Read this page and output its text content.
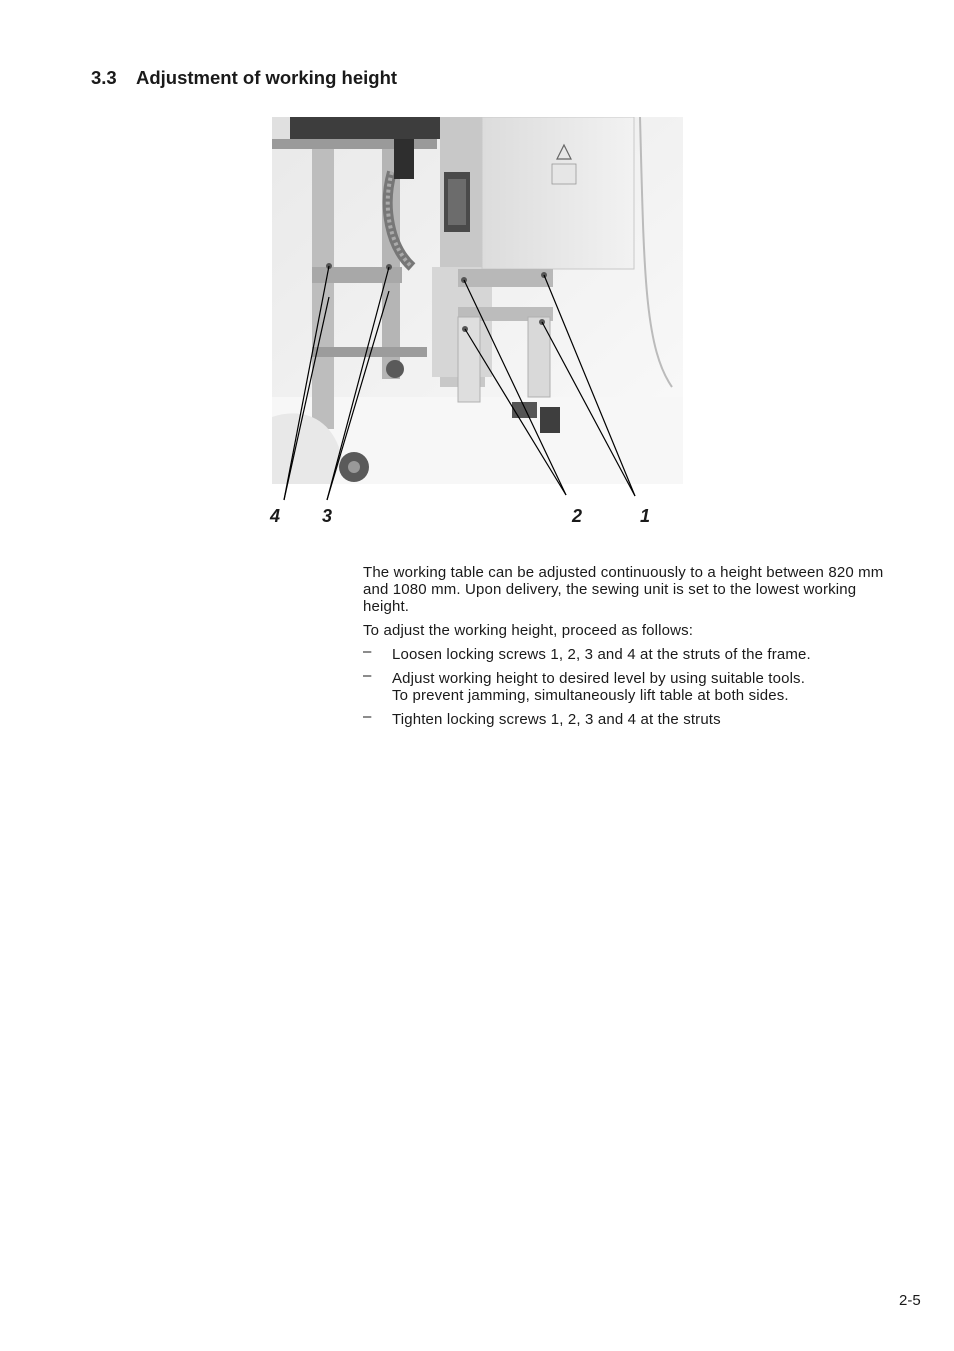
3.3 Adjustment of working height
4 3	2	1

The working table can be adjusted continuously to a height between 820 mm and 1080 mm. Upon delivery, the sewing unit is set to the lowest working height.

To adjust the working height, proceed as follows:

– Loosen locking screws 1, 2, 3 and 4 at the struts of the frame.
– Adjust working height to desired level by using suitable tools.
To prevent jamming, simultaneously lift table at both sides.
– Tighten locking screws 1, 2, 3 and 4 at the struts
2-5
